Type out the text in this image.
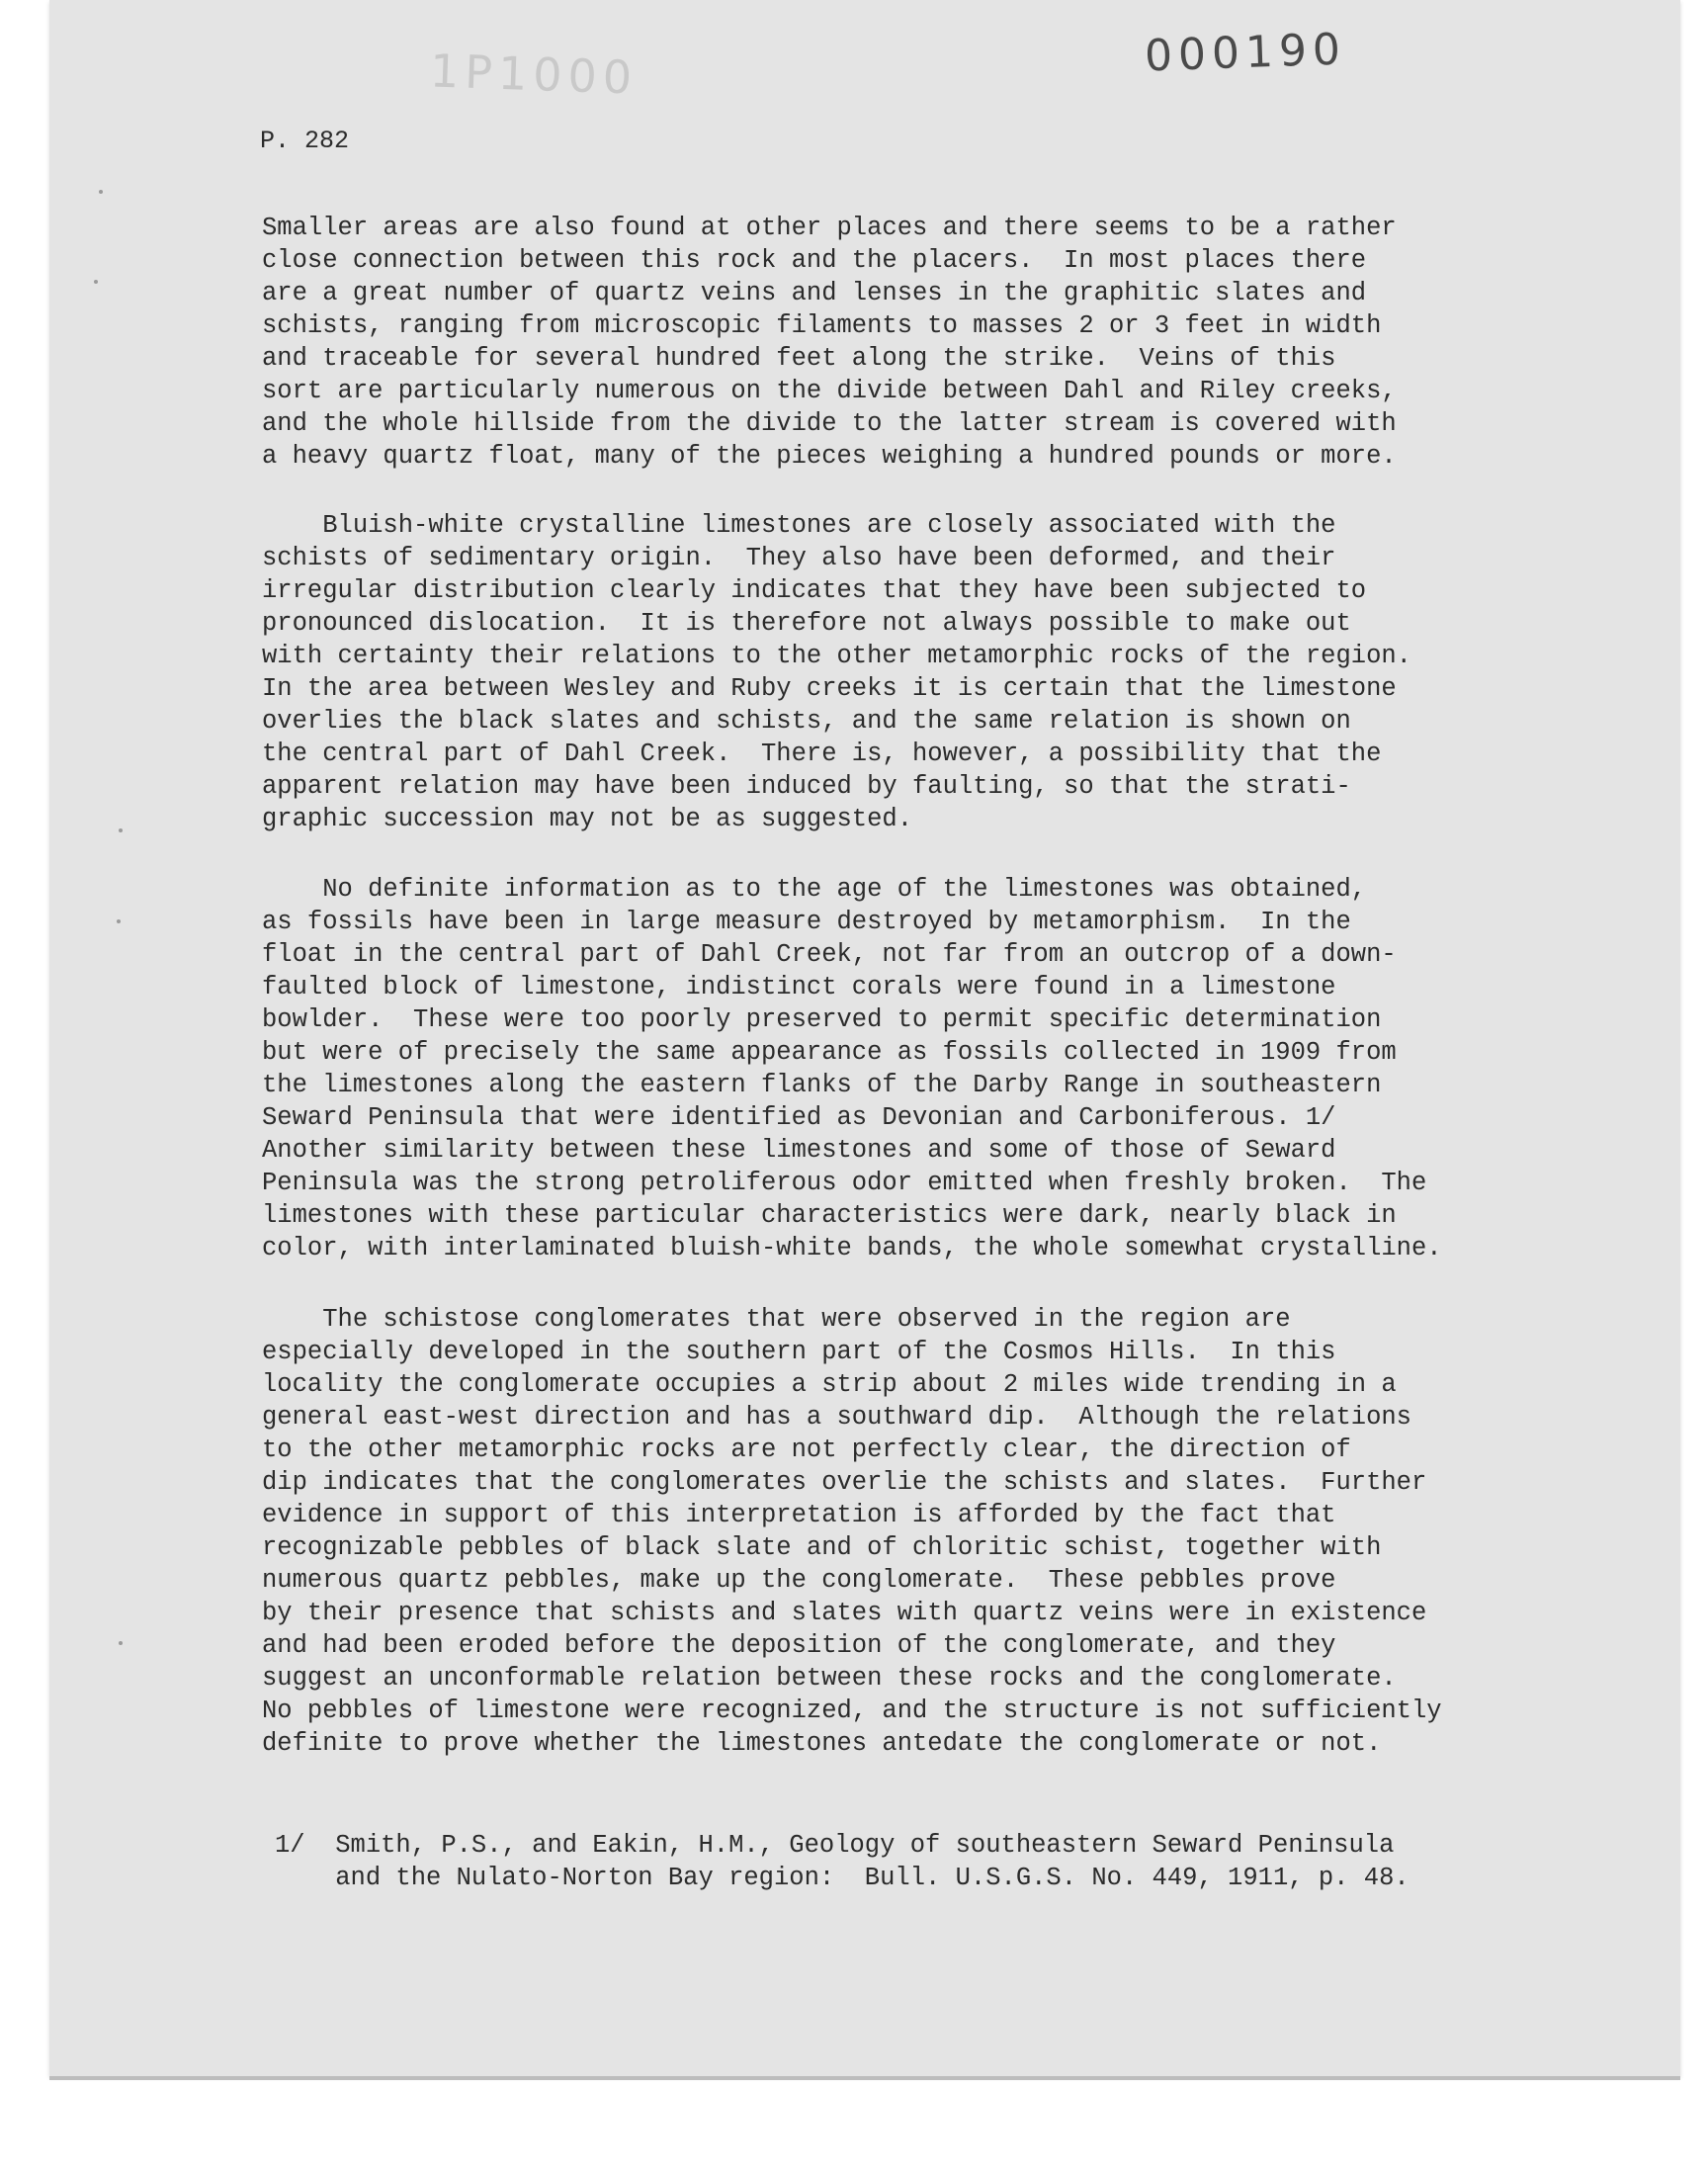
1P1000	000190
P. 282

Smaller areas are also found at other places and there seems to be a rather
close connection between this rock and the placers.  In most places there
are a great number of quartz veins and lenses in the graphitic slates and
schists, ranging from microscopic filaments to masses 2 or 3 feet in width
and traceable for several hundred feet along the strike.  Veins of this
sort are particularly numerous on the divide between Dahl and Riley creeks,
and the whole hillside from the divide to the latter stream is covered with
a heavy quartz float, many of the pieces weighing a hundred pounds or more.

Bluish-white crystalline limestones are closely associated with the
schists of sedimentary origin.  They also have been deformed, and their
irregular distribution clearly indicates that they have been subjected to
pronounced dislocation.  It is therefore not always possible to make out
with certainty their relations to the other metamorphic rocks of the region.
In the area between Wesley and Ruby creeks it is certain that the limestone
overlies the black slates and schists, and the same relation is shown on
the central part of Dahl Creek.  There is, however, a possibility that the
apparent relation may have been induced by faulting, so that the strati-
graphic succession may not be as suggested.

No definite information as to the age of the limestones was obtained,
as fossils have been in large measure destroyed by metamorphism.  In the
float in the central part of Dahl Creek, not far from an outcrop of a down-
faulted block of limestone, indistinct corals were found in a limestone
bowlder.  These were too poorly preserved to permit specific determination
but were of precisely the same appearance as fossils collected in 1909 from
the limestones along the eastern flanks of the Darby Range in southeastern
Seward Peninsula that were identified as Devonian and Carboniferous. 1/
Another similarity between these limestones and some of those of Seward
Peninsula was the strong petroliferous odor emitted when freshly broken.  The
limestones with these particular characteristics were dark, nearly black in
color, with interlaminated bluish-white bands, the whole somewhat crystalline.

The schistose conglomerates that were observed in the region are
especially developed in the southern part of the Cosmos Hills.  In this
locality the conglomerate occupies a strip about 2 miles wide trending in a
general east-west direction and has a southward dip.  Although the relations
to the other metamorphic rocks are not perfectly clear, the direction of
dip indicates that the conglomerates overlie the schists and slates.  Further
evidence in support of this interpretation is afforded by the fact that
recognizable pebbles of black slate and of chloritic schist, together with
numerous quartz pebbles, make up the conglomerate.  These pebbles prove
by their presence that schists and slates with quartz veins were in existence
and had been eroded before the deposition of the conglomerate, and they
suggest an unconformable relation between these rocks and the conglomerate.
No pebbles of limestone were recognized, and the structure is not sufficiently
definite to prove whether the limestones antedate the conglomerate or not.

1/  Smith, P.S., and Eakin, H.M., Geology of southeastern Seward Peninsula
and the Nulato-Norton Bay region:  Bull. U.S.G.S. No. 449, 1911, p. 48.
